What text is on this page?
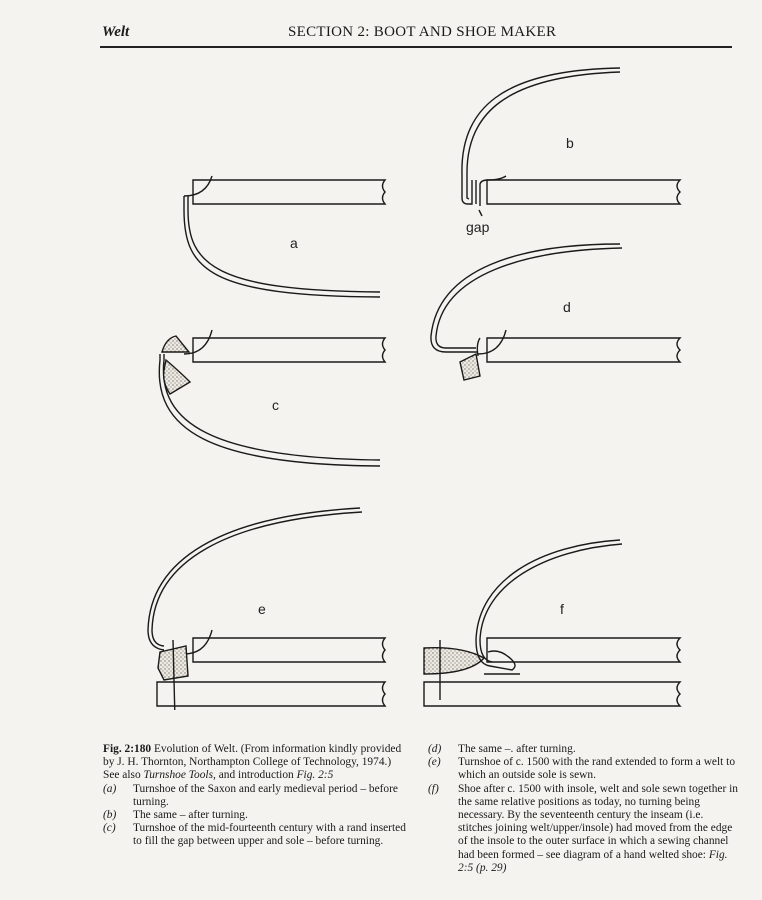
Welt	SECTION 2: BOOT AND SHOE MAKER
a
b
gap
c
d
e	f
Fig. 2:180 Evolution of Welt. (From information kindly provided by J. H. Thornton, Northampton College of Technology, 1974.) See also Turnshoe Tools, and introduction Fig. 2:5
(a) Turnshoe of the Saxon and early medieval period – before turning.
(b) The same – after turning.
(c) Turnshoe of the mid-fourteenth century with a rand inserted to fill the gap between upper and sole – before turning.
(d) The same –. after turning.
(e) Turnshoe of c. 1500 with the rand extended to form a welt to which an outside sole is sewn.
(f) Shoe after c. 1500 with insole, welt and sole sewn together in the same relative positions as today, no turning being necessary. By the seventeenth century the inseam (i.e. stitches joining welt/upper/insole) had moved from the edge of the insole to the outer surface in which a sewing channel had been formed – see diagram of a hand welted shoe: Fig. 2:5 (p. 29)
